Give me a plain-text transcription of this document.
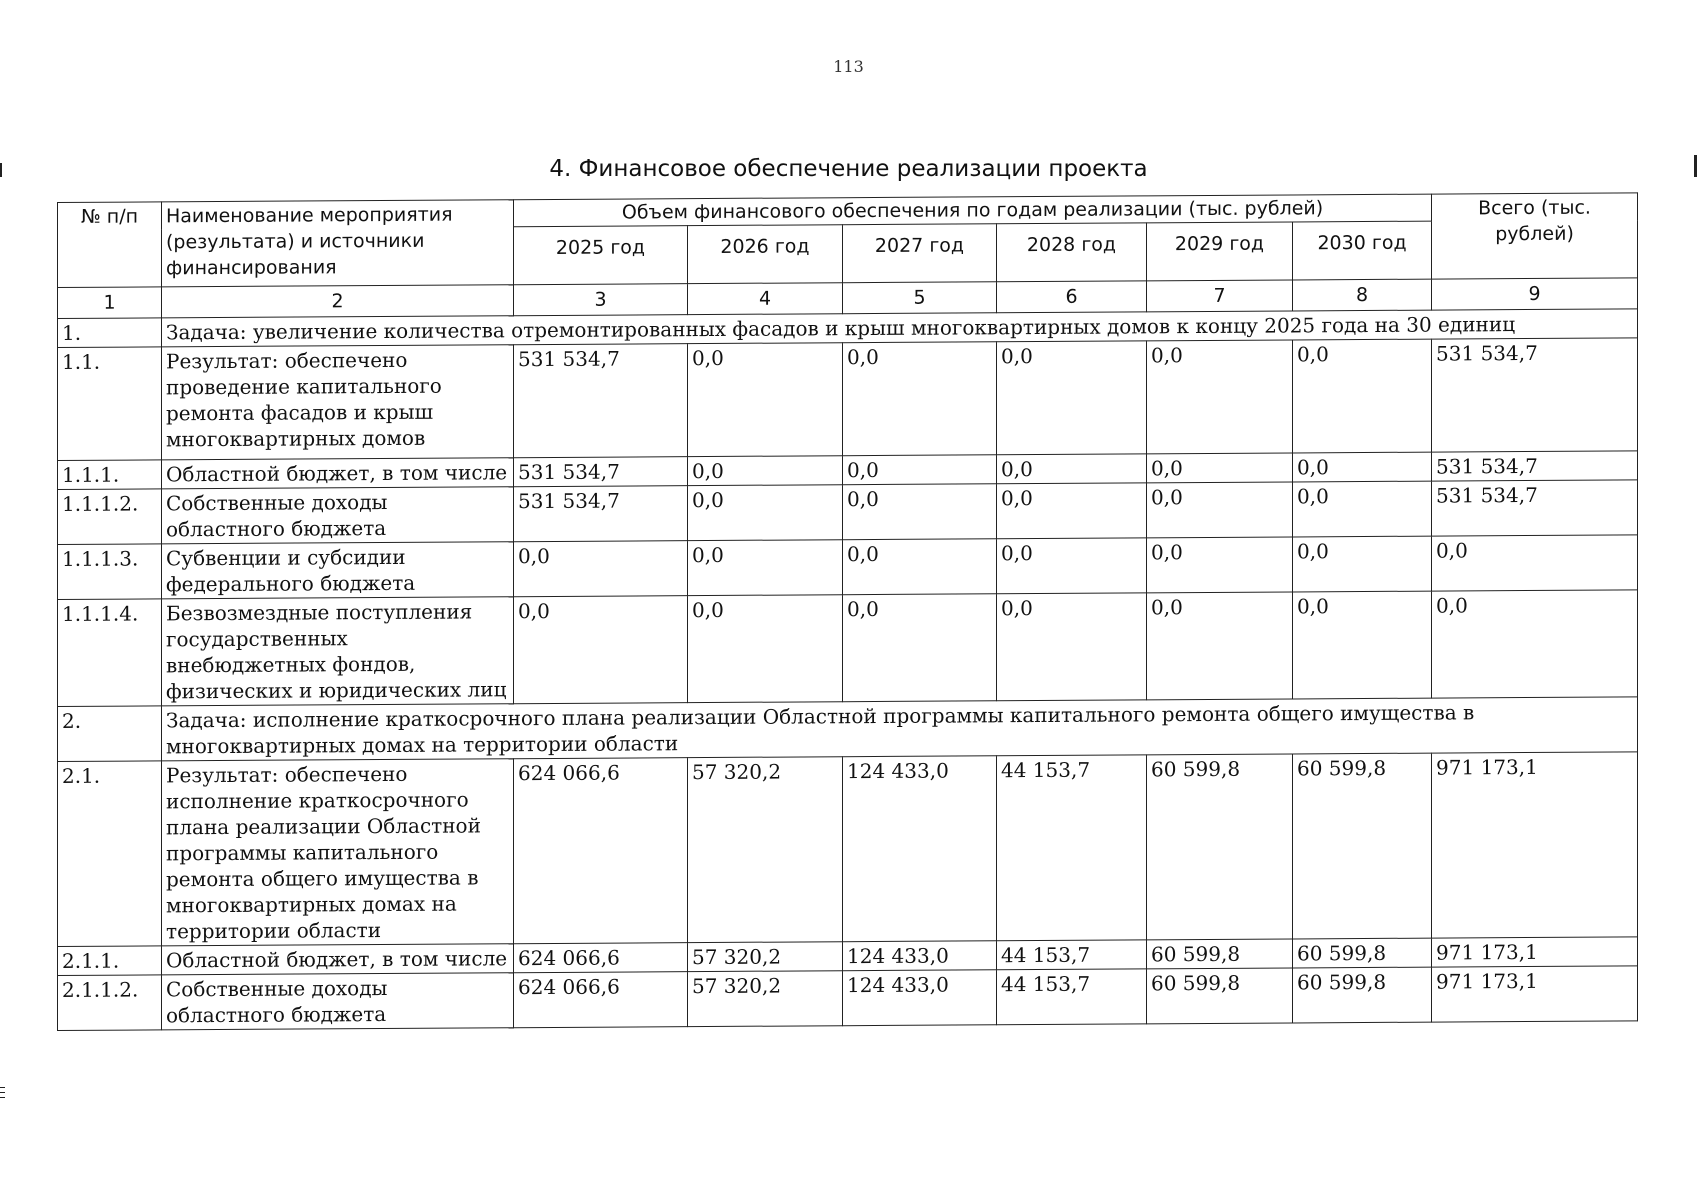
113
4. Финансовое обеспечение реализации проекта
№ п/п	Наименование мероприятия (результата) и источники финансирования	Объем финансового обеспечения по годам реализации (тыс. рублей)						Всего (тыс. рублей)
		2025 год	2026 год	2027 год	2028 год	2029 год	2030 год	
1	2	3	4	5	6	7	8	9
1.	Задача: увеличение количества отремонтированных фасадов и крыш многоквартирных домов к концу 2025 года на 30 единиц							
1.1.	Результат: обеспечено проведение капитального ремонта фасадов и крыш многоквартирных домов	531 534,7	0,0	0,0	0,0	0,0	0,0	531 534,7
1.1.1.	Областной бюджет, в том числе	531 534,7	0,0	0,0	0,0	0,0	0,0	531 534,7
1.1.1.2.	Собственные доходы областного бюджета	531 534,7	0,0	0,0	0,0	0,0	0,0	531 534,7
1.1.1.3.	Субвенции и субсидии федерального бюджета	0,0	0,0	0,0	0,0	0,0	0,0	0,0
1.1.1.4.	Безвозмездные поступления государственных внебюджетных фондов, физических и юридических лиц	0,0	0,0	0,0	0,0	0,0	0,0	0,0
2.	Задача: исполнение краткосрочного плана реализации Областной программы капитального ремонта общего имущества в многоквартирных домах на территории области							
2.1.	Результат: обеспечено исполнение краткосрочного плана реализации Областной программы капитального ремонта общего имущества в многоквартирных домах на территории области	624 066,6	57 320,2	124 433,0	44 153,7	60 599,8	60 599,8	971 173,1
2.1.1.	Областной бюджет, в том числе	624 066,6	57 320,2	124 433,0	44 153,7	60 599,8	60 599,8	971 173,1
2.1.1.2.	Собственные доходы областного бюджета	624 066,6	57 320,2	124 433,0	44 153,7	60 599,8	60 599,8	971 173,1
